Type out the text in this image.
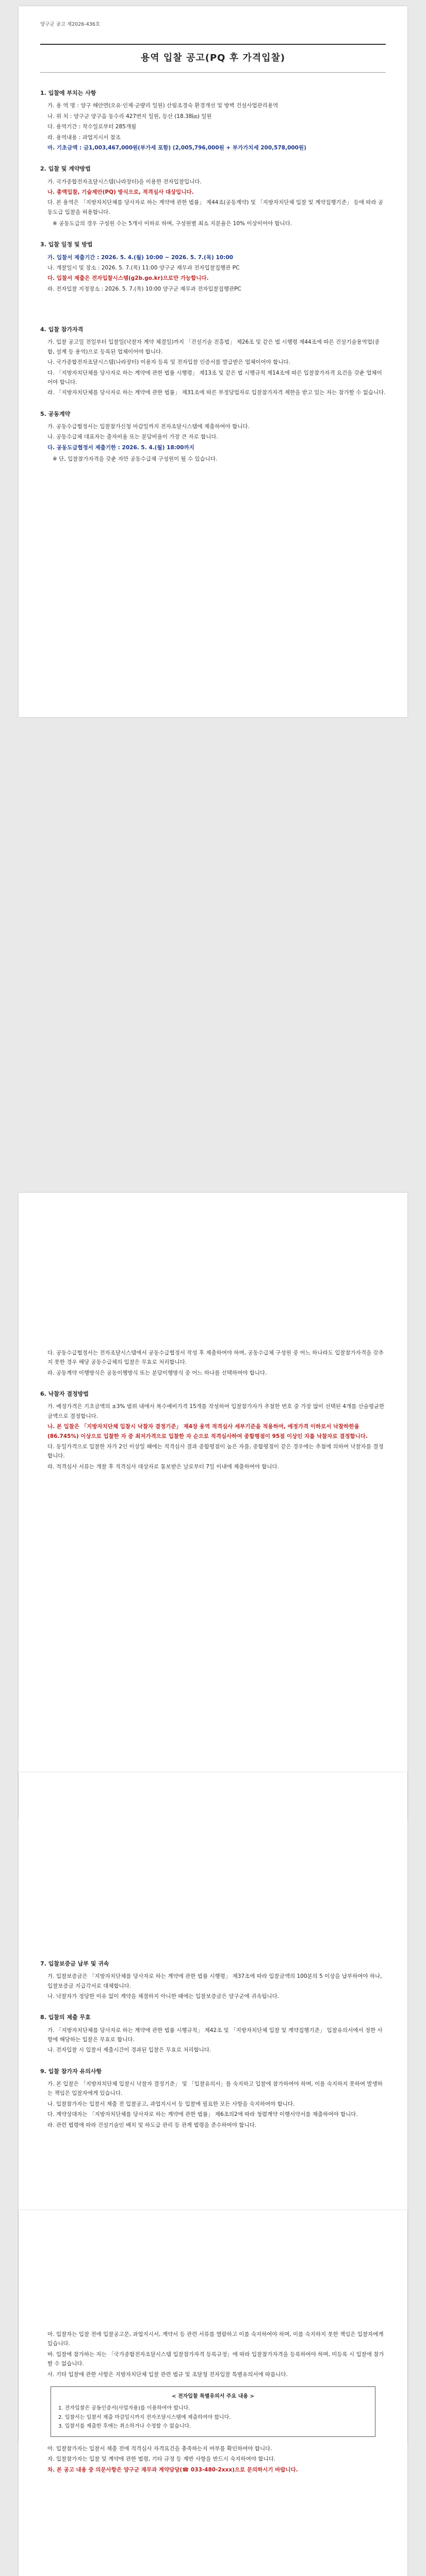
양구군 공고 제2026-436호
용역 입찰 공고(PQ 후 가격입찰)
1. 입찰에 부치는 사항

가. 용 역 명 : 양구 해안면(오유·인제·군량리 일원) 산림조경숙 환경개선 및 방벽 건설사업관리용역

나. 위 치 : 양구군 양구읍 동수리 427번지 일원, 등산 (18.38㎞) 일원

다. 용역기간 : 착수일로부터 285개월

라. 용역내용 : 과업지시서 참조

마. 기초금액 : 금1,003,467,000원(부가세 포함) (2,005,796,000원 + 부가가치세 200,578,000원)

2. 입찰 및 계약방법

가. 국가종합전자조달시스템(나라장터)을 이용한 전자입찰입니다.

나. 총액입찰, 기술제안(PQ) 방식으로, 적격심사 대상입니다.

다. 본 용역은 「지방자치단체를 당사자로 하는 계약에 관한 법률」 제44조(공동계약) 및 「지방자치단체 입찰 및 계약집행기준」 등에 따라 공동도급 입찰을 허용합니다.

※ 공동도급의 경우 구성원 수는 5개사 이하로 하며, 구성원별 최소 지분율은 10% 이상이어야 합니다.

3. 입찰 일정 및 방법

가. 입찰서 제출기간 : 2026. 5. 4.(월) 10:00 ~ 2026. 5. 7.(목) 10:00

나. 개찰일시 및 장소 : 2026. 5. 7.(목) 11:00 양구군 재무과 전자입찰집행관 PC

다. 입찰서 제출은 전자입찰시스템(g2b.go.kr)으로만 가능합니다.

라. 전자입찰 지정장소 : 2026. 5. 7.(목) 10:00 양구군 재무과 전자입찰집행관PC

4. 입찰 참가자격

가. 입찰 공고일 전일부터 입찰일(낙찰자 계약 체결일)까지 「건설기술 진흥법」 제26조 및 같은 법 시행령 제44조에 따른 건설기술용역업(종합, 설계 등 용역)으로 등록된 업체이어야 합니다.

나. 국가종합전자조달시스템(나라장터) 이용자 등록 및 전자입찰 인증서를 발급받은 업체이어야 합니다.

다. 「지방자치단체를 당사자로 하는 계약에 관한 법률 시행령」 제13조 및 같은 법 시행규칙 제14조에 따른 입찰참가자격 요건을 갖춘 업체이어야 합니다.

라. 「지방자치단체를 당사자로 하는 계약에 관한 법률」 제31조에 따른 부정당업자로 입찰참가자격 제한을 받고 있는 자는 참가할 수 없습니다.

5. 공동계약

가. 공동수급협정서는 입찰참가신청 마감일까지 전자조달시스템에 제출하여야 합니다.

나. 공동수급체 대표자는 출자비율 또는 분담비율이 가장 큰 자로 합니다.

다. 공동도급협정서 제출기한 : 2026. 5. 4.(월) 18:00까지

※ 단, 입찰참가자격을 갖춘 자만 공동수급체 구성원이 될 수 있습니다.

다. 공동수급협정서는 전자조달시스템에서 공동수급협정서 작성 후 제출하여야 하며, 공동수급체 구성원 중 어느 하나라도 입찰참가자격을 갖추지 못한 경우 해당 공동수급체의 입찰은 무효로 처리합니다.

라. 공동계약 이행방식은 공동이행방식 또는 분담이행방식 중 어느 하나를 선택하여야 합니다.

6. 낙찰자 결정방법

가. 예정가격은 기초금액의 ±3% 범위 내에서 복수예비가격 15개를 작성하여 입찰참가자가 추첨한 번호 중 가장 많이 선택된 4개를 산술평균한 금액으로 결정합니다.

나. 본 입찰은 「지방자치단체 입찰시 낙찰자 결정기준」 제4장 용역 적격심사 세부기준을 적용하여, 예정가격 이하로서 낙찰하한율(86.745%) 이상으로 입찰한 자 중 최저가격으로 입찰한 자 순으로 적격심사하여 종합평점이 95점 이상인 자를 낙찰자로 결정합니다.

다. 동일가격으로 입찰한 자가 2인 이상일 때에는 적격심사 결과 종합평점이 높은 자를, 종합평점이 같은 경우에는 추첨에 의하여 낙찰자를 결정합니다.

라. 적격심사 서류는 개찰 후 적격심사 대상자로 통보받은 날로부터 7일 이내에 제출하여야 합니다.

7. 입찰보증금 납부 및 귀속

가. 입찰보증금은 「지방자치단체를 당사자로 하는 계약에 관한 법률 시행령」 제37조에 따라 입찰금액의 100분의 5 이상을 납부하여야 하나, 입찰보증금 지급각서로 대체합니다.

나. 낙찰자가 정당한 이유 없이 계약을 체결하지 아니한 때에는 입찰보증금은 양구군에 귀속됩니다.

8. 입찰의 제출 무효

가. 「지방자치단체를 당사자로 하는 계약에 관한 법률 시행규칙」 제42조 및 「지방자치단체 입찰 및 계약집행기준」 입찰유의서에서 정한 사항에 해당하는 입찰은 무효로 합니다.

나. 전자입찰 시 입찰서 제출시간이 경과된 입찰은 무효로 처리합니다.

9. 입찰 참가자 유의사항

가. 본 입찰은 「지방자치단체 입찰시 낙찰자 결정기준」 및 「입찰유의서」를 숙지하고 입찰에 참가하여야 하며, 이를 숙지하지 못하여 발생하는 책임은 입찰자에게 있습니다.

나. 입찰참가자는 입찰서 제출 전 입찰공고, 과업지시서 등 입찰에 필요한 모든 사항을 숙지하여야 합니다.

다. 계약상대자는 「지방자치단체를 당사자로 하는 계약에 관한 법률」 제6조의2에 따라 청렴계약 이행서약서를 제출하여야 합니다.

라. 관련 법령에 따라 건설기술인 배치 및 하도급 관리 등 관계 법령을 준수하여야 합니다.

마. 입찰자는 입찰 전에 입찰공고문, 과업지시서, 계약서 등 관련 서류를 열람하고 이를 숙지하여야 하며, 이를 숙지하지 못한 책임은 입찰자에게 있습니다.

바. 입찰에 참가하는 자는 「국가종합전자조달시스템 입찰참가자격 등록규정」에 따라 입찰참가자격을 등록하여야 하며, 미등록 시 입찰에 참가할 수 없습니다.

사. 기타 입찰에 관한 사항은 지방자치단체 입찰 관련 법규 및 조달청 전자입찰 특별유의서에 따릅니다.

< 전자입찰 특별유의서 주요 내용 >

1. 전자입찰은 공동인증서(사업자용)를 이용하여야 합니다.

2. 입찰서는 입찰서 제출 마감일시까지 전자조달시스템에 제출하여야 합니다.

3. 입찰서를 제출한 후에는 취소하거나 수정할 수 없습니다.

아. 입찰참가자는 입찰서 제출 전에 적격심사 자격요건을 충족하는지 여부를 확인하여야 합니다.

자. 입찰참가자는 입찰 및 계약에 관한 법령, 기타 규정 등 제반 사항을 반드시 숙지하여야 합니다.

차. 본 공고 내용 중 의문사항은 양구군 재무과 계약담당(☎ 033-480-2xxx)으로 문의하시기 바랍니다.
